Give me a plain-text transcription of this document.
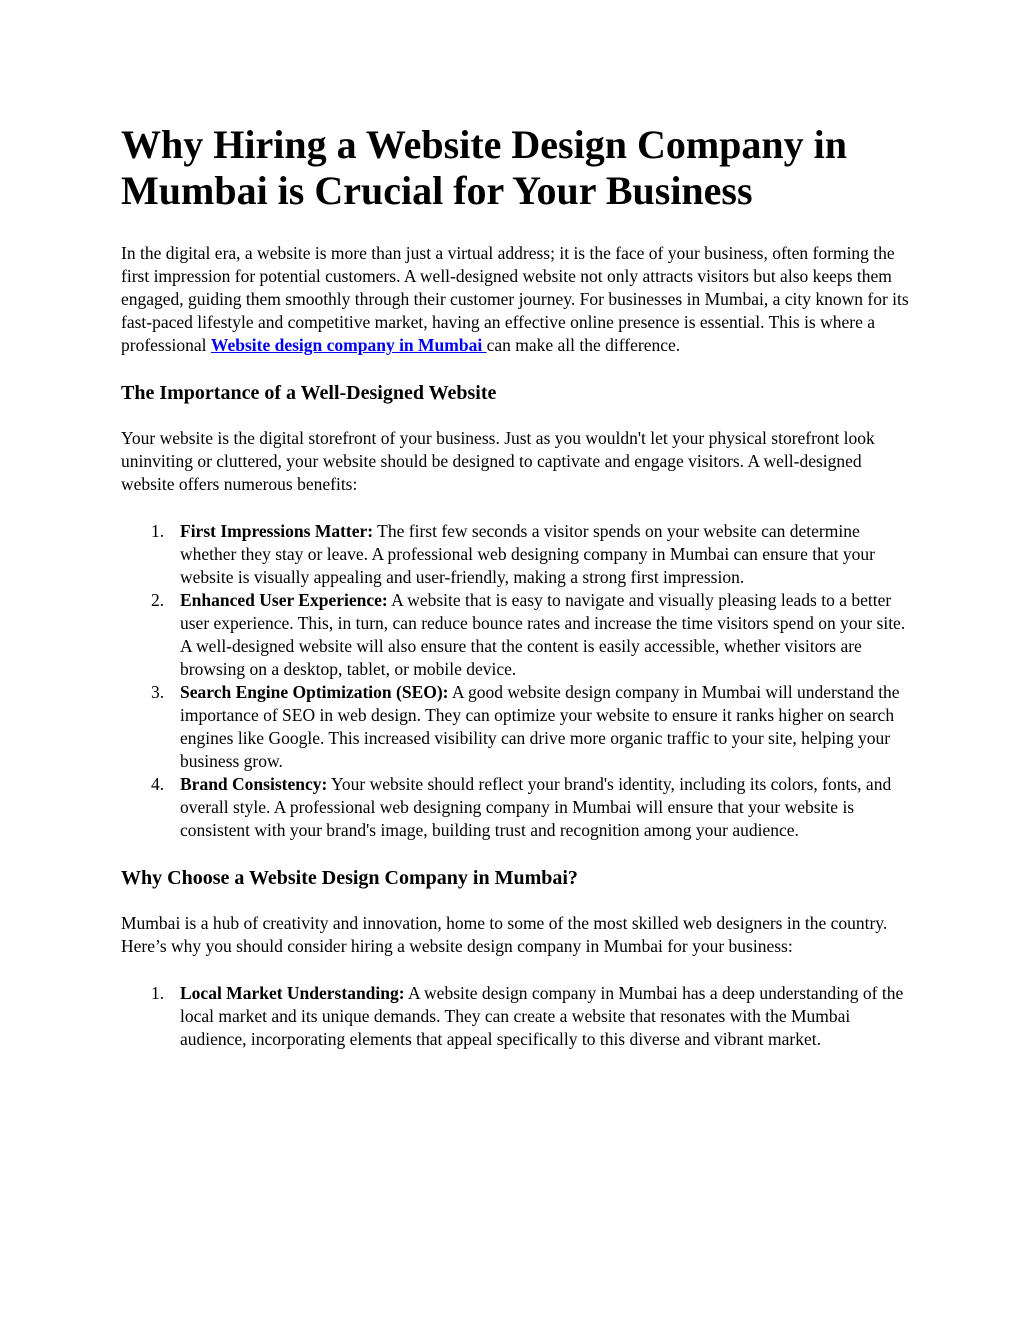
Why Hiring a Website Design Company in Mumbai is Crucial for Your Business

In the digital era, a website is more than just a virtual address; it is the face of your business, often forming the first impression for potential customers. A well-designed website not only attracts visitors but also keeps them engaged, guiding them smoothly through their customer journey. For businesses in Mumbai, a city known for its fast-paced lifestyle and competitive market, having an effective online presence is essential. This is where a professional Website design company in Mumbai can make all the difference.

The Importance of a Well-Designed Website

Your website is the digital storefront of your business. Just as you wouldn't let your physical storefront look uninviting or cluttered, your website should be designed to captivate and engage visitors. A well-designed website offers numerous benefits:

1. First Impressions Matter: The first few seconds a visitor spends on your website can determine whether they stay or leave. A professional web designing company in Mumbai can ensure that your website is visually appealing and user-friendly, making a strong first impression.
2. Enhanced User Experience: A website that is easy to navigate and visually pleasing leads to a better user experience. This, in turn, can reduce bounce rates and increase the time visitors spend on your site. A well-designed website will also ensure that the content is easily accessible, whether visitors are browsing on a desktop, tablet, or mobile device.
3. Search Engine Optimization (SEO): A good website design company in Mumbai will understand the importance of SEO in web design. They can optimize your website to ensure it ranks higher on search engines like Google. This increased visibility can drive more organic traffic to your site, helping your business grow.
4. Brand Consistency: Your website should reflect your brand's identity, including its colors, fonts, and overall style. A professional web designing company in Mumbai will ensure that your website is consistent with your brand's image, building trust and recognition among your audience.
Why Choose a Website Design Company in Mumbai?

Mumbai is a hub of creativity and innovation, home to some of the most skilled web designers in the country. Here’s why you should consider hiring a website design company in Mumbai for your business:

1. Local Market Understanding: A website design company in Mumbai has a deep understanding of the local market and its unique demands. They can create a website that resonates with the Mumbai audience, incorporating elements that appeal specifically to this diverse and vibrant market.
